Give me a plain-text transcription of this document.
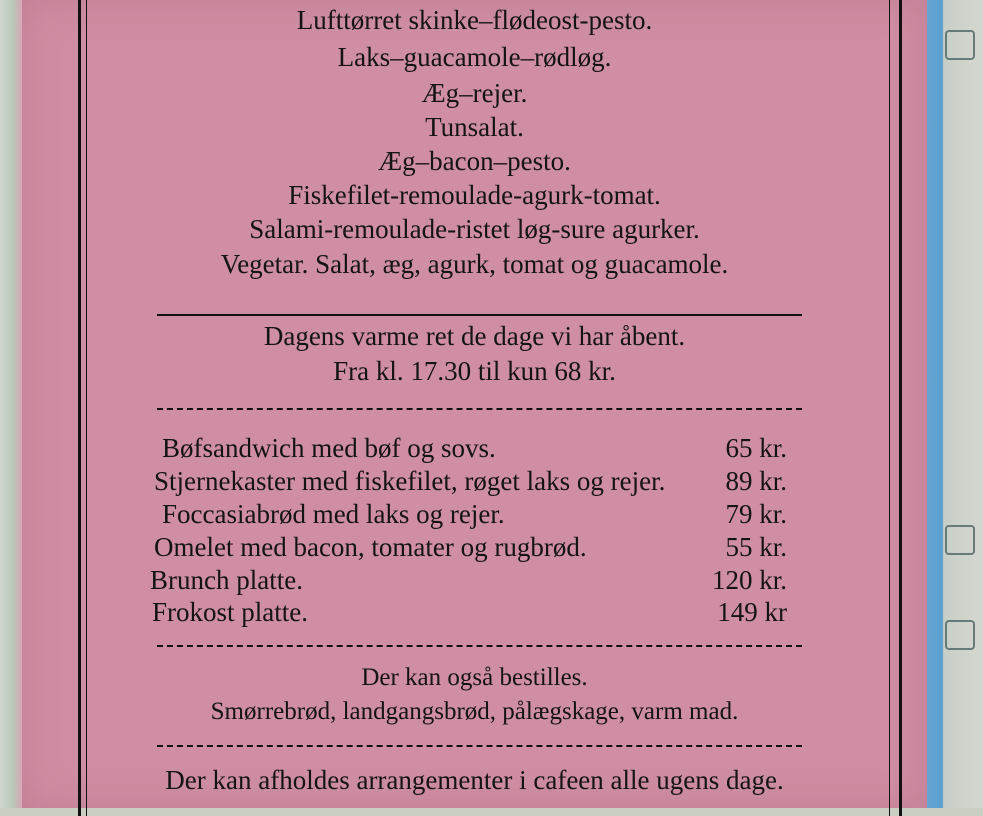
Lufttørret skinke–flødeost-pesto.
Laks–guacamole–rødløg.
Æg–rejer.
Tunsalat.
Æg–bacon–pesto.
Fiskefilet-remoulade-agurk-tomat.
Salami-remoulade-ristet løg-sure agurker.
Vegetar. Salat, æg, agurk, tomat og guacamole.
Dagens varme ret de dage vi har åbent.
Fra kl. 17.30 til kun 68 kr.
Bøfsandwich med bøf og sovs.	65 kr.
Stjernekaster med fiskefilet, røget laks og rejer. 89 kr.
Foccasiabrød med laks og rejer.	79 kr.
Omelet med bacon, tomater og rugbrød.	55 kr.
Brunch platte.	120 kr.
Frokost platte.	149 kr
Der kan også bestilles.
Smørrebrød, landgangsbrød, pålægskage, varm mad.
Der kan afholdes arrangementer i cafeen alle ugens dage.
